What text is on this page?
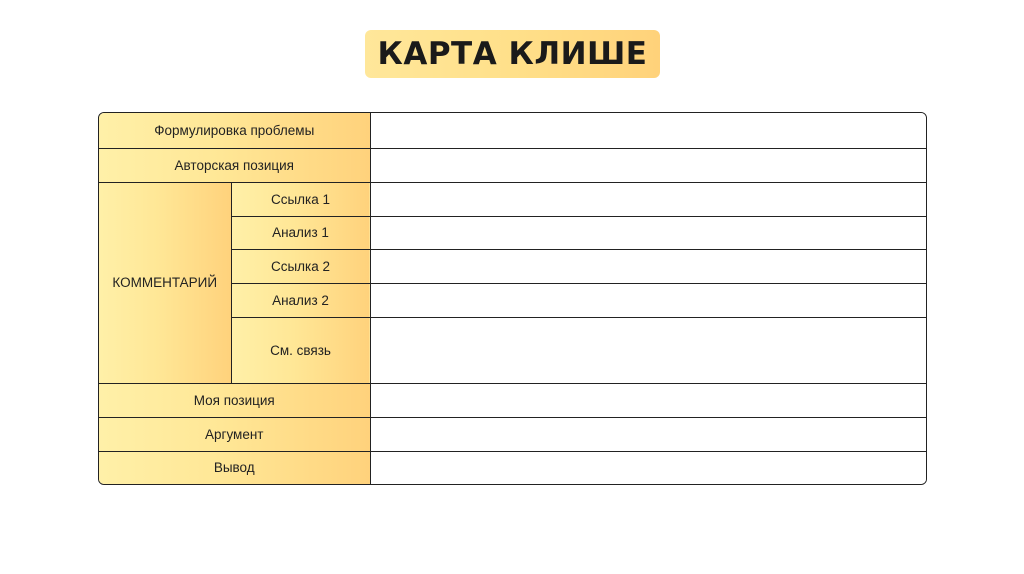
КАРТА КЛИШЕ
Формулировка проблемы		
Авторская позиция		
КОММЕНТАРИЙ	Ссылка 1	
	Анализ 1	
	Ссылка 2	
	Анализ 2	
	См. связь	
Моя позиция		
Аргумент		
Вывод		
